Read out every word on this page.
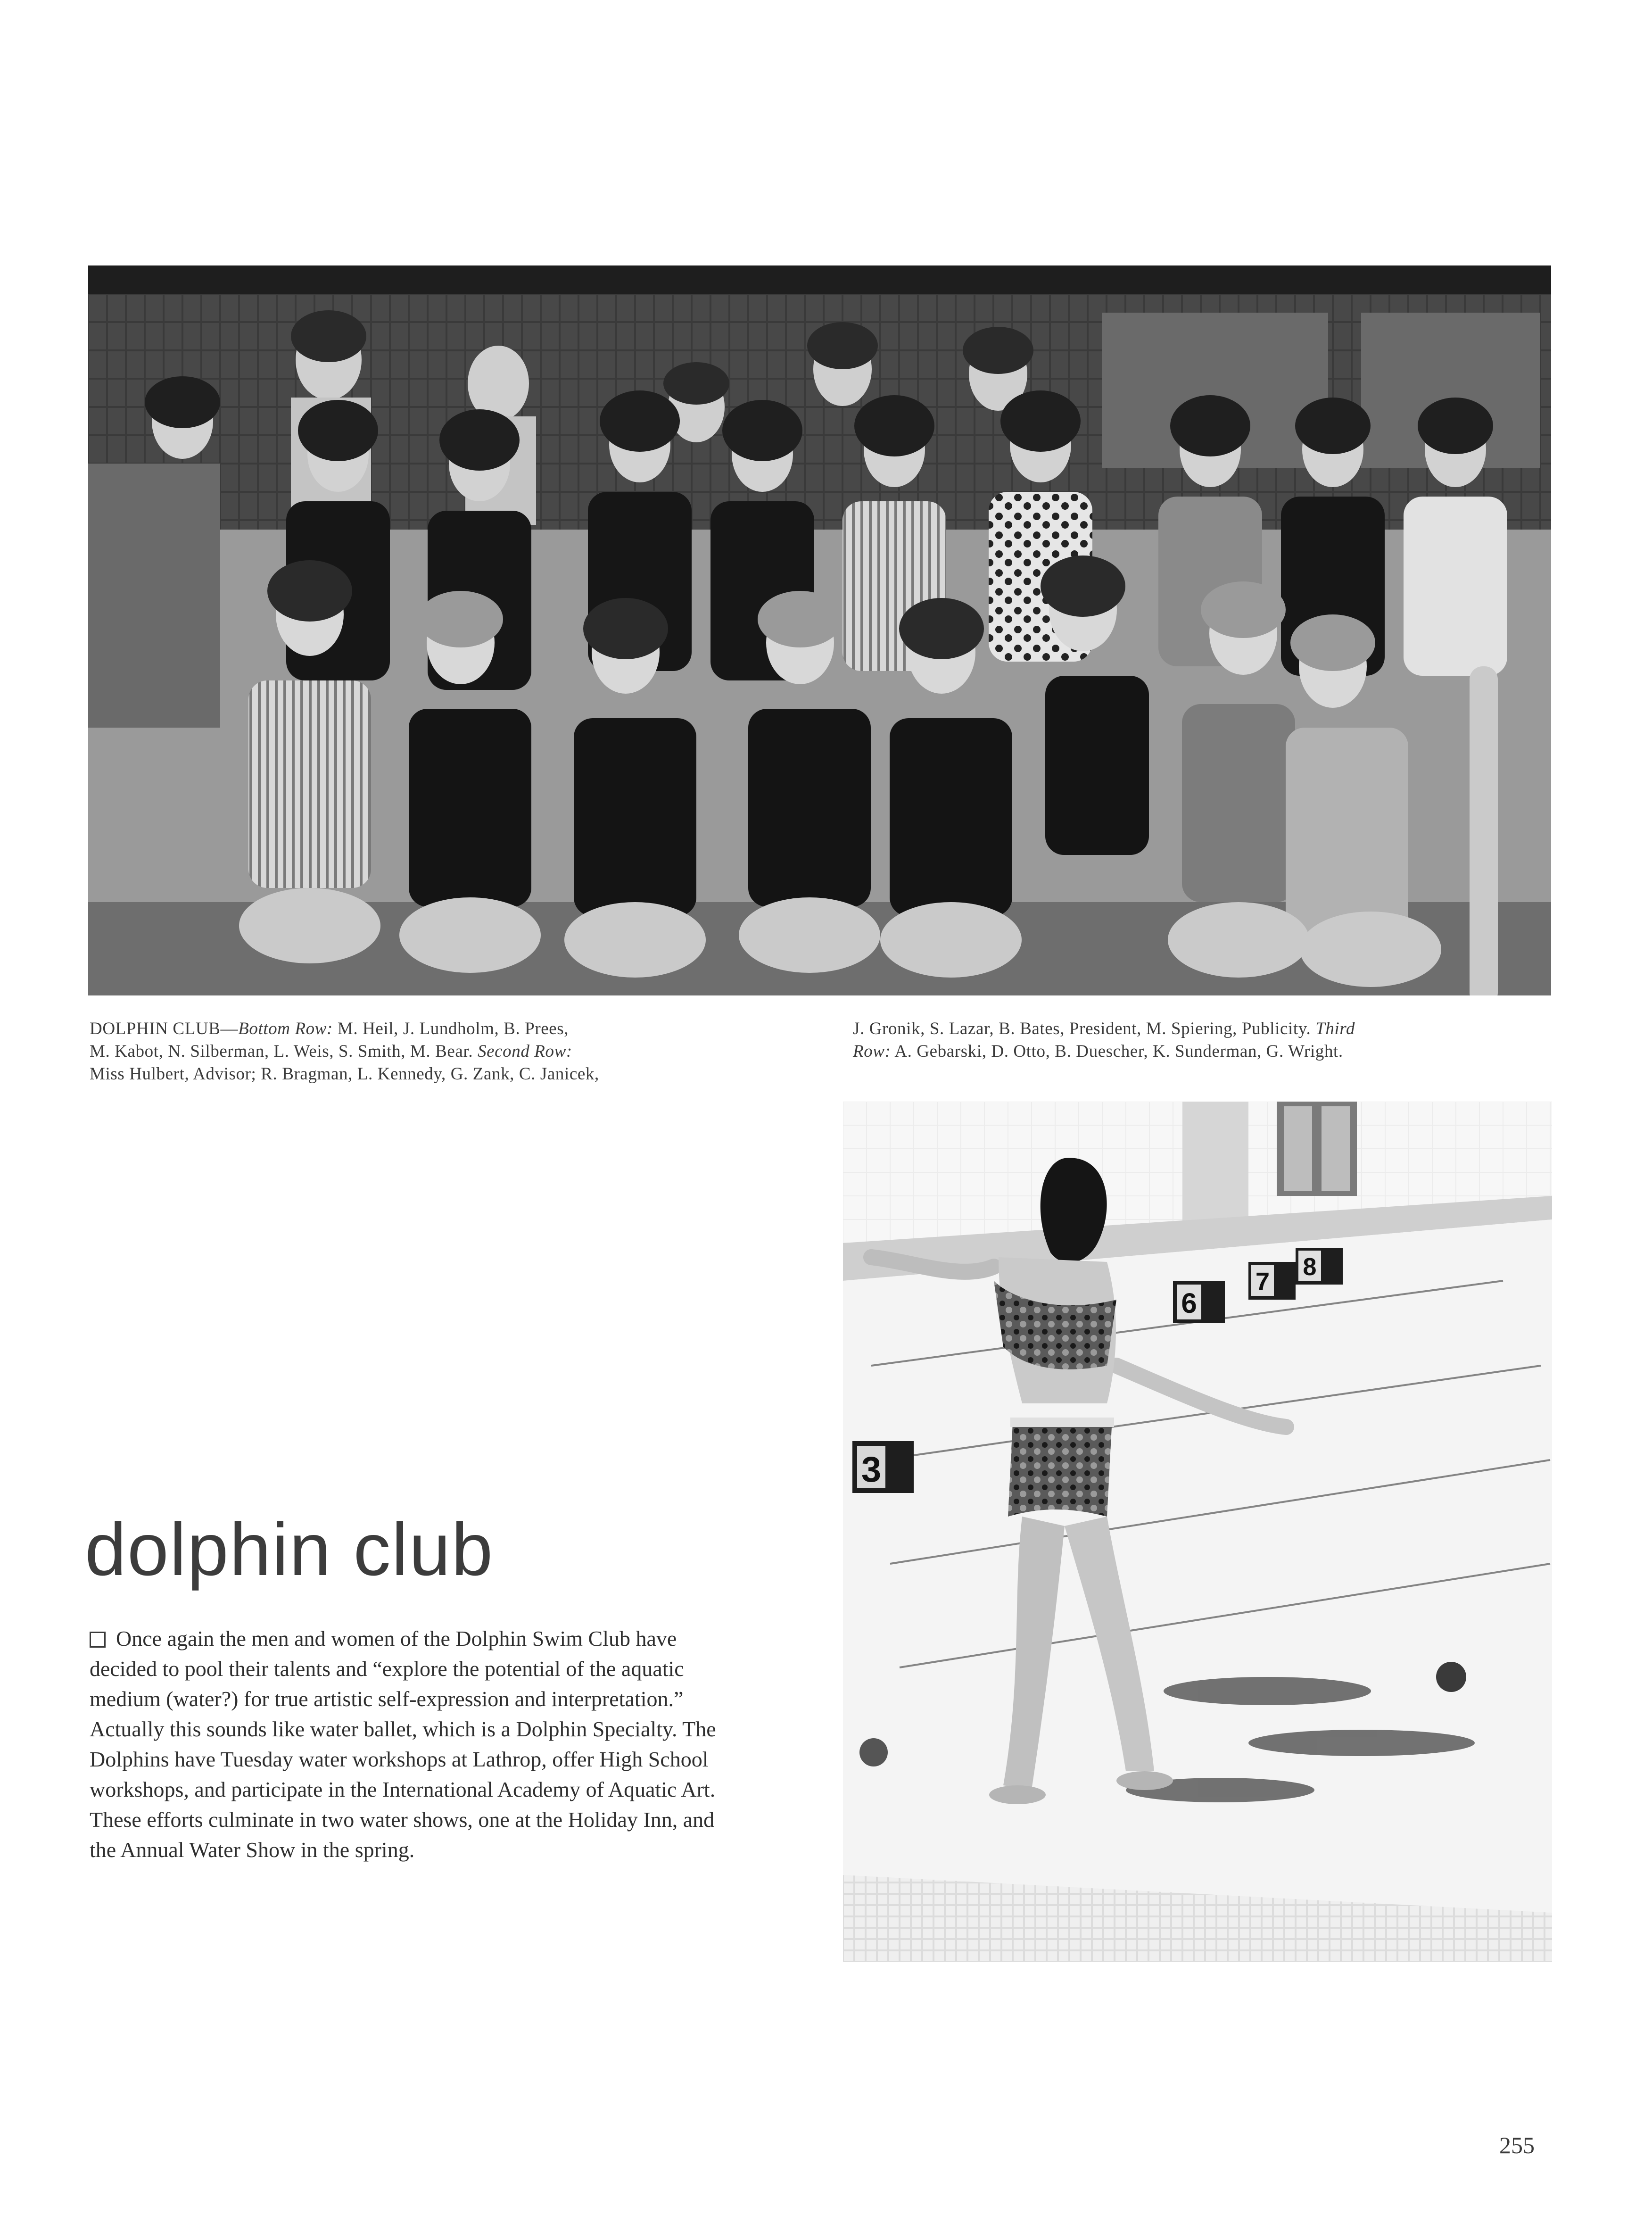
DOLPHIN CLUB—Bottom Row: M. Heil, J. Lundholm, B. Prees,
M. Kabot, N. Silberman, L. Weis, S. Smith, M. Bear. Second Row:
Miss Hulbert, Advisor; R. Bragman, L. Kennedy, G. Zank, C. Janicek,
J. Gronik, S. Lazar, B. Bates, President, M. Spiering, Publicity. Third
Row: A. Gebarski, D. Otto, B. Duescher, K. Sunderman, G. Wright.
3
6
7
8
dolphin club

Once again the men and women of the Dolphin Swim Club have decided to pool their talents and “explore the potential of the aquatic medium (water?) for true artistic self-expression and interpretation.” Actually this sounds like water ballet, which is a Dolphin Specialty. The Dolphins have Tuesday water workshops at Lathrop, offer High School workshops, and participate in the International Academy of Aquatic Art. These efforts culminate in two water shows, one at the Holiday Inn, and the Annual Water Show in the spring.

255
